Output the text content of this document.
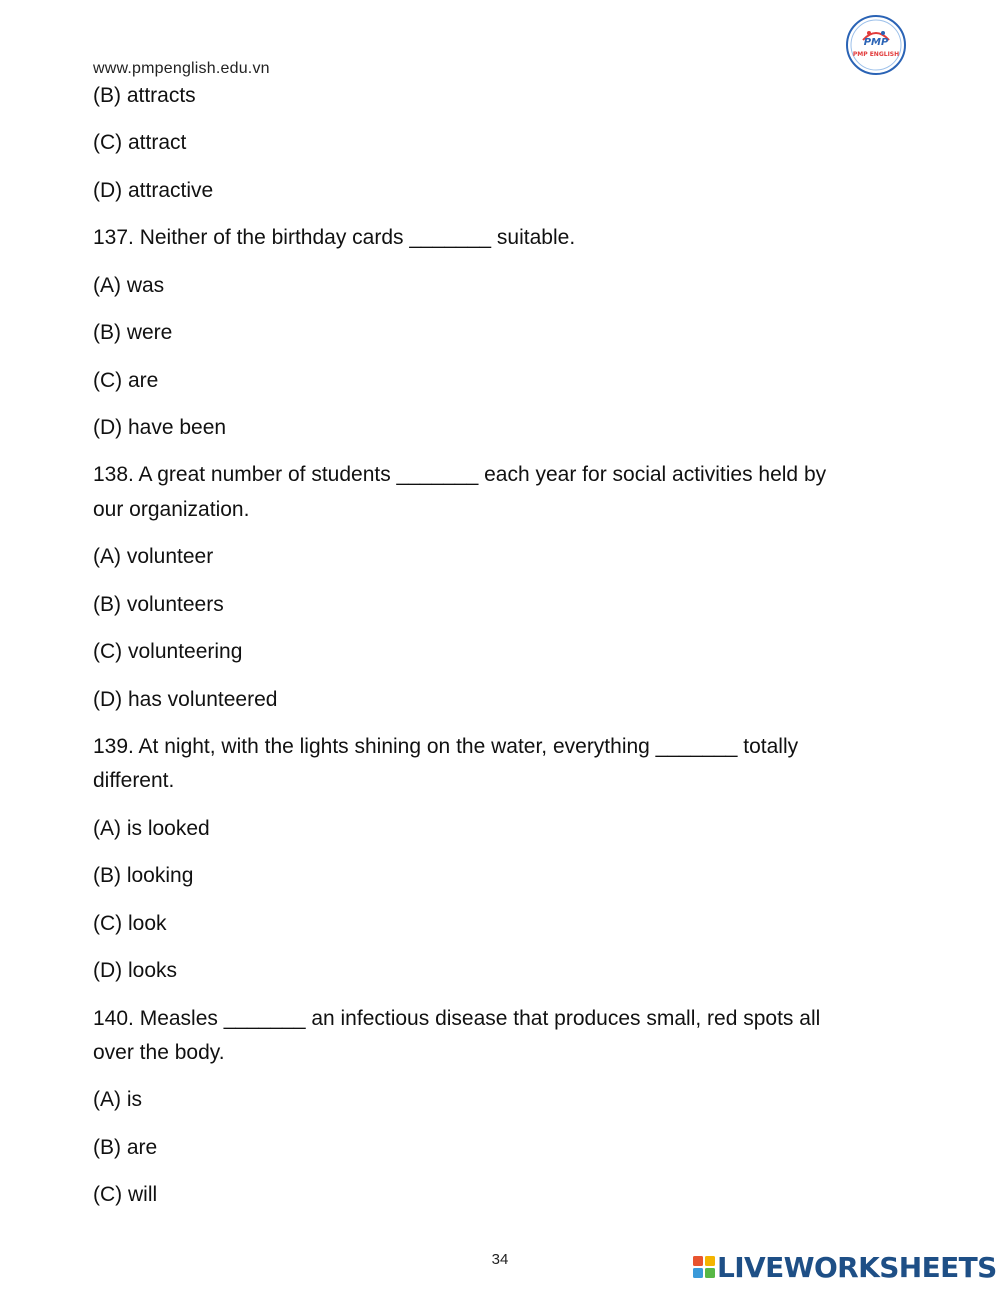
www.pmpenglish.edu.vn
PMP
PMP ENGLISH
(B) attracts
(C) attract
(D) attractive
137. Neither of the birthday cards _______ suitable.
(A) was
(B) were
(C) are
(D) have been
138. A great number of students _______ each year for social activities held by
our organization.
(A) volunteer
(B) volunteers
(C) volunteering
(D) has volunteered
139. At night, with the lights shining on the water, everything _______ totally
different.
(A) is looked
(B) looking
(C) look
(D) looks
140. Measles _______ an infectious disease that produces small, red spots all
over the body.
(A) is
(B) are
(C) will
34	LIVEWORKSHEETS
